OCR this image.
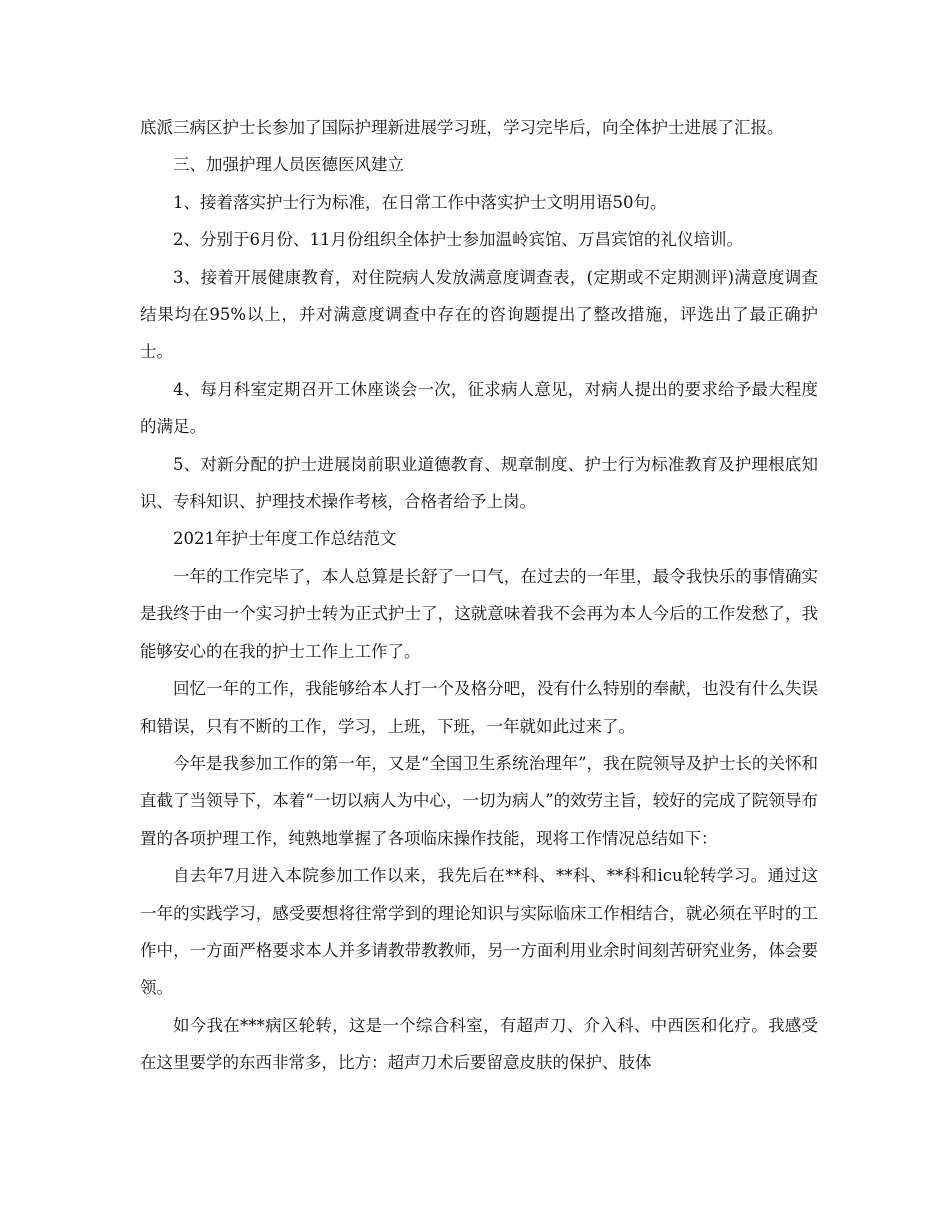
底派三病区护士长参加了国际护理新进展学习班，学习完毕后，向全体护士进展了汇报。

三、加强护理人员医德医风建立

1、接着落实护士行为标准，在日常工作中落实护士文明用语50句。

2、分别于6月份、11月份组织全体护士参加温岭宾馆、万昌宾馆的礼仪培训。

3、接着开展健康教育，对住院病人发放满意度调查表，(定期或不定期测评)满意度调查结果均在95%以上，并对满意度调查中存在的咨询题提出了整改措施，评选出了最正确护士。

4、每月科室定期召开工休座谈会一次，征求病人意见，对病人提出的要求给予最大程度的满足。

5、对新分配的护士进展岗前职业道德教育、规章制度、护士行为标准教育及护理根底知识、专科知识、护理技术操作考核，合格者给予上岗。

2021年护士年度工作总结范文

一年的工作完毕了，本人总算是长舒了一口气，在过去的一年里，最令我快乐的事情确实是我终于由一个实习护士转为正式护士了，这就意味着我不会再为本人今后的工作发愁了，我能够安心的在我的护士工作上工作了。

回忆一年的工作，我能够给本人打一个及格分吧，没有什么特别的奉献，也没有什么失误和错误，只有不断的工作，学习，上班，下班，一年就如此过来了。

今年是我参加工作的第一年，又是“全国卫生系统治理年”，我在院领导及护士长的关怀和直截了当领导下，本着“一切以病人为中心，一切为病人”的效劳主旨，较好的完成了院领导布置的各项护理工作，纯熟地掌握了各项临床操作技能，现将工作情况总结如下：

自去年7月进入本院参加工作以来，我先后在**科、**科、**科和icu轮转学习。通过这一年的实践学习，感受要想将往常学到的理论知识与实际临床工作相结合，就必须在平时的工作中，一方面严格要求本人并多请教带教教师，另一方面利用业余时间刻苦研究业务，体会要领。

如今我在***病区轮转，这是一个综合科室，有超声刀、介入科、中西医和化疗。我感受在这里要学的东西非常多，比方：超声刀术后要留意皮肤的保护、肢体
